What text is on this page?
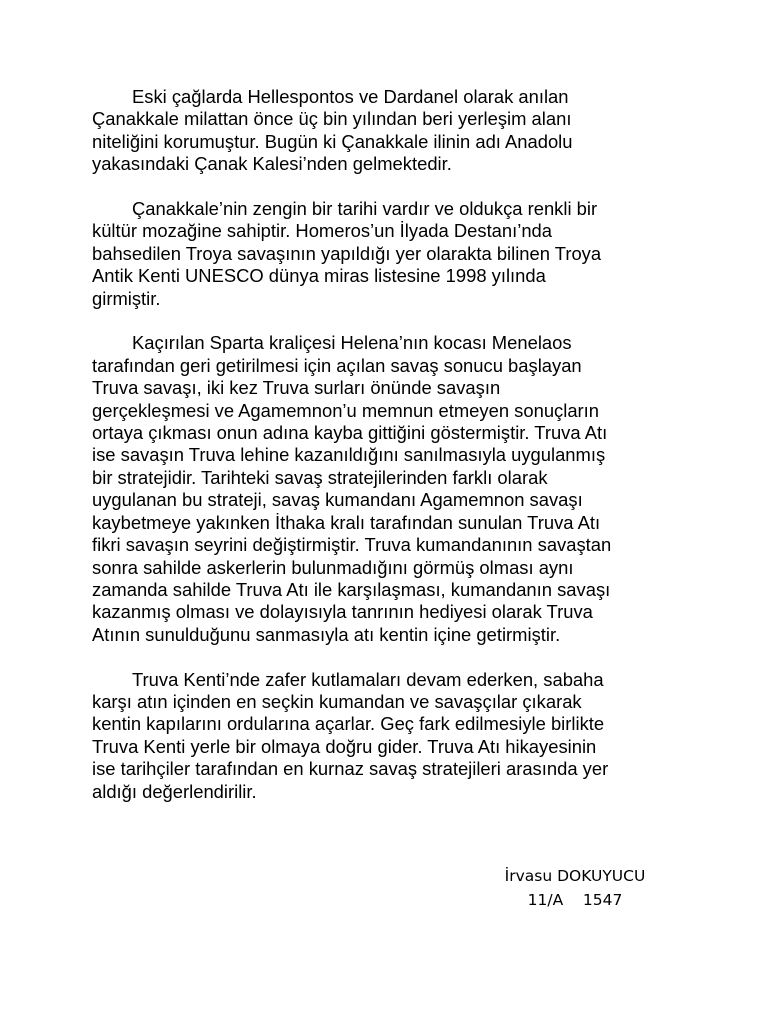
Eski çağlarda Hellespontos ve Dardanel olarak anılan
Çanakkale milattan önce üç bin yılından beri yerleşim alanı
niteliğini korumuştur. Bugün ki Çanakkale ilinin adı Anadolu
yakasındaki Çanak Kalesi’nden gelmektedir.

Çanakkale’nin zengin bir tarihi vardır ve oldukça renkli bir
kültür mozağine sahiptir. Homeros’un İlyada Destanı’nda
bahsedilen Troya savaşının yapıldığı yer olarakta bilinen Troya
Antik Kenti UNESCO dünya miras listesine 1998 yılında
girmiştir.

Kaçırılan Sparta kraliçesi Helena’nın kocası Menelaos
tarafından geri getirilmesi için açılan savaş sonucu başlayan
Truva savaşı, iki kez Truva surları önünde savaşın
gerçekleşmesi ve Agamemnon’u memnun etmeyen sonuçların
ortaya çıkması onun adına kayba gittiğini göstermiştir. Truva Atı
ise savaşın Truva lehine kazanıldığını sanılmasıyla uygulanmış
bir stratejidir. Tarihteki savaş stratejilerinden farklı olarak
uygulanan bu strateji, savaş kumandanı Agamemnon savaşı
kaybetmeye yakınken İthaka kralı tarafından sunulan Truva Atı
fikri savaşın seyrini değiştirmiştir. Truva kumandanının savaştan
sonra sahilde askerlerin bulunmadığını görmüş olması aynı
zamanda sahilde Truva Atı ile karşılaşması, kumandanın savaşı
kazanmış olması ve dolayısıyla tanrının hediyesi olarak Truva
Atının sunulduğunu sanmasıyla atı kentin içine getirmiştir.

Truva Kenti’nde zafer kutlamaları devam ederken, sabaha
karşı atın içinden en seçkin kumandan ve savaşçılar çıkarak
kentin kapılarını ordularına açarlar. Geç fark edilmesiyle birlikte
Truva Kenti yerle bir olmaya doğru gider. Truva Atı hikayesinin
ise tarihçiler tarafından en kurnaz savaş stratejileri arasında yer
aldığı değerlendirilir.

İrvasu DOKUYUCU
11/A    1547
